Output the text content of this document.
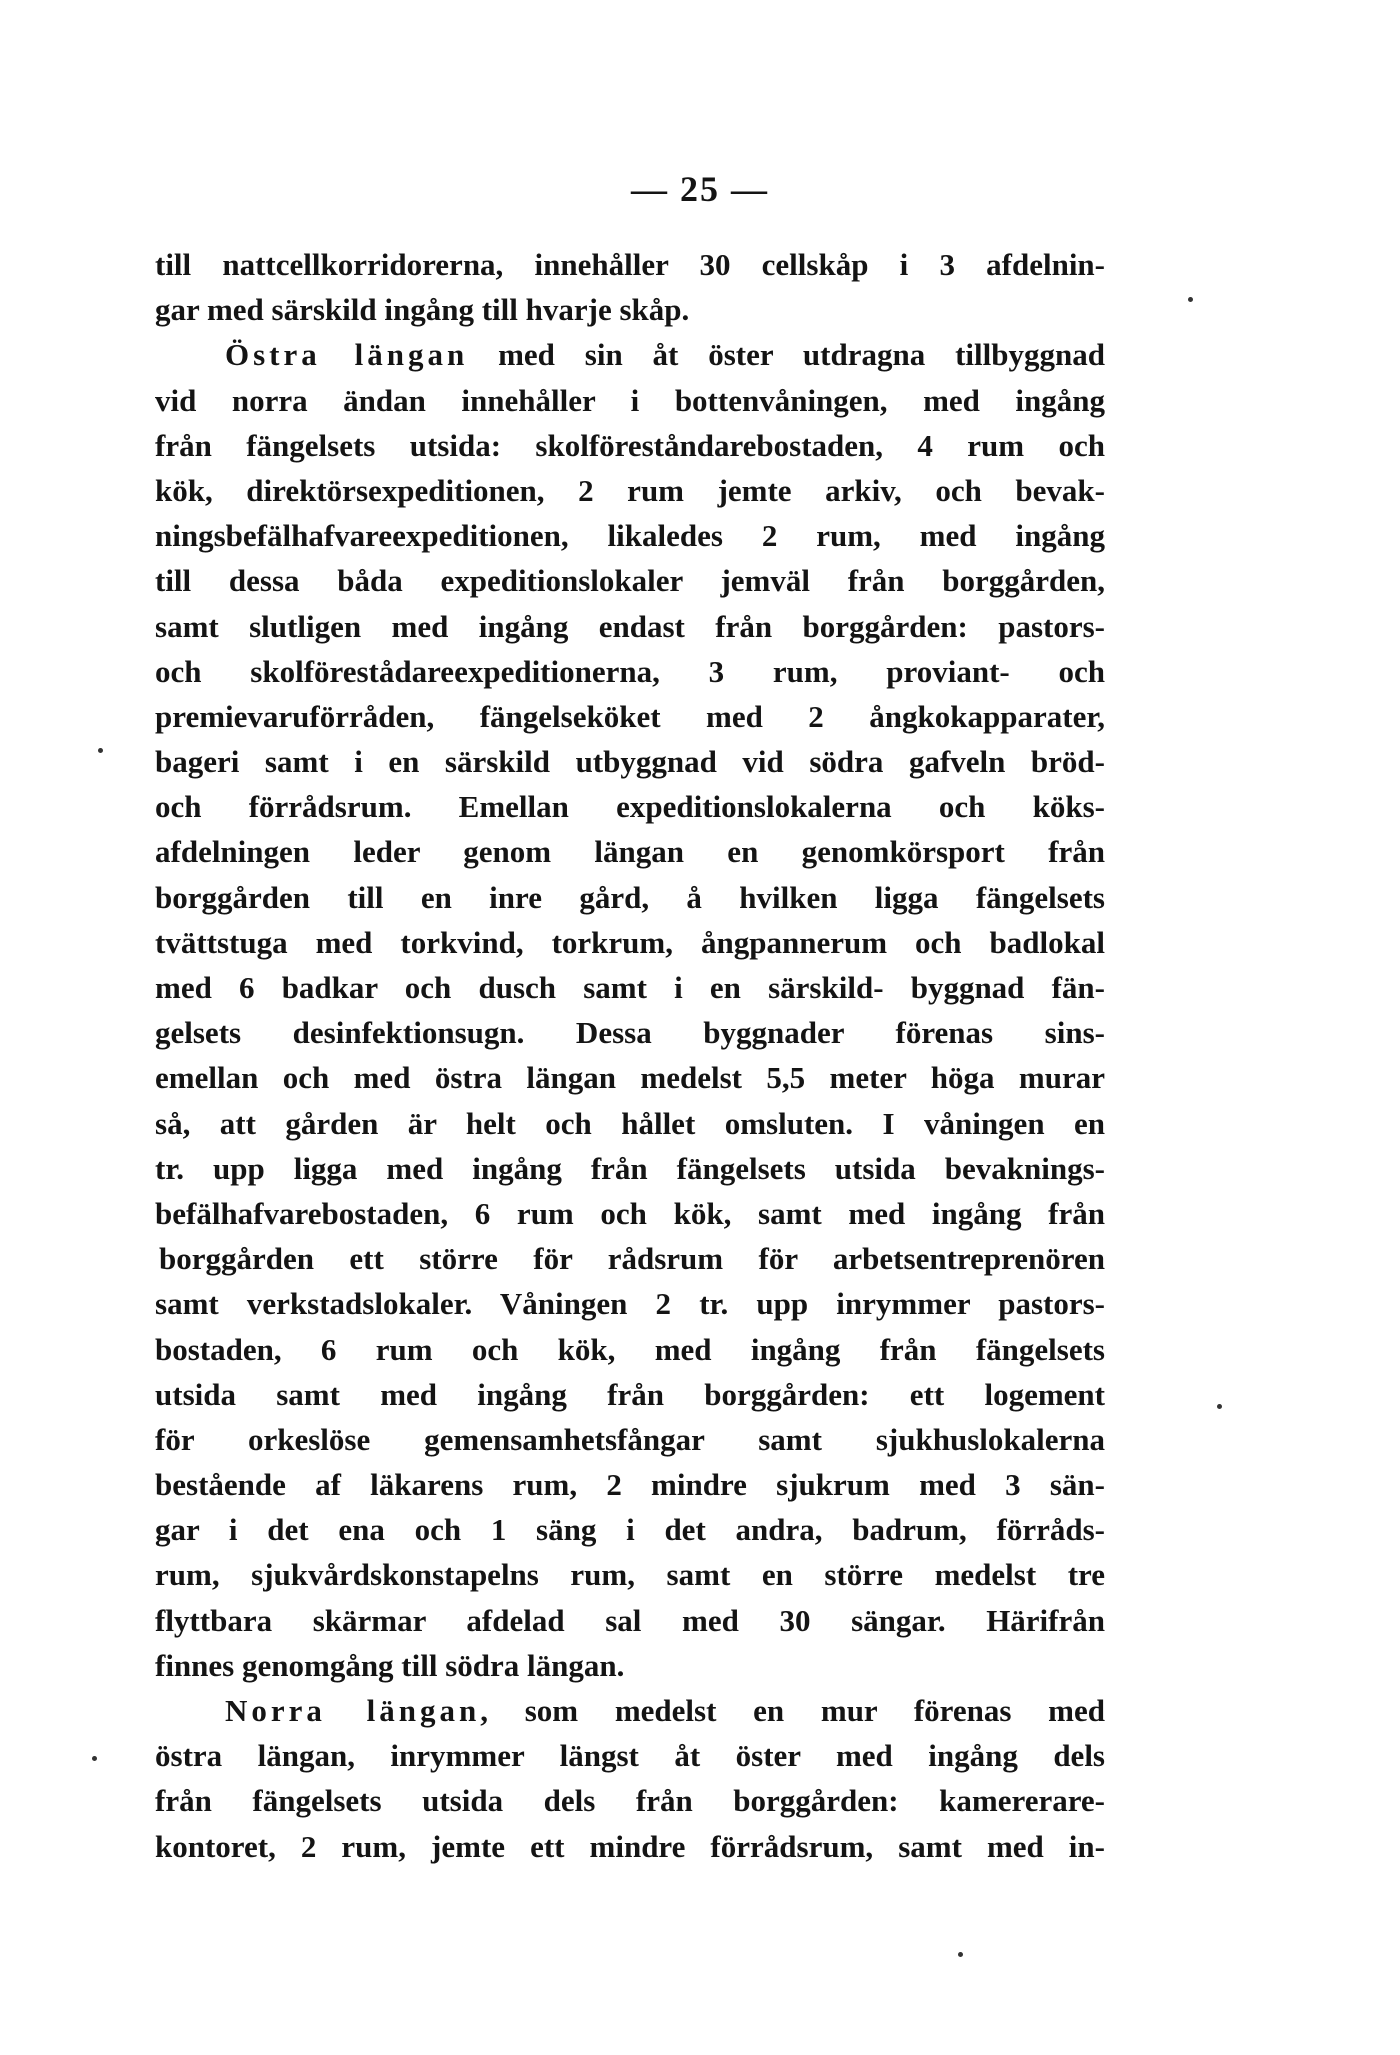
— 25 —
till nattcellkorridorerna, innehåller 30 cellskåp i 3 afdelnin-
gar med särskild ingång till hvarje skåp.
Östra längan med sin åt öster utdragna tillbyggnad
vid norra ändan innehåller i bottenvåningen, med ingång
från fängelsets utsida: skolföreståndarebostaden, 4 rum och
kök, direktörsexpeditionen, 2 rum jemte arkiv, och bevak-
ningsbefälhafvareexpeditionen, likaledes 2 rum, med ingång
till dessa båda expeditionslokaler jemväl från borggården,
samt slutligen med ingång endast från borggården: pastors-
och skolförestådareexpeditionerna, 3 rum, proviant- och
premievaruförråden, fängelseköket med 2 ångkokapparater,
bageri samt i en särskild utbyggnad vid södra gafveln bröd-
och förrådsrum. Emellan expeditionslokalerna och köks-
afdelningen leder genom längan en genomkörsport från
borggården till en inre gård, å hvilken ligga fängelsets
tvättstuga med torkvind, torkrum, ångpannerum och badlokal
med 6 badkar och dusch samt i en särskild- byggnad fän-
gelsets desinfektionsugn. Dessa byggnader förenas sins-
emellan och med östra längan medelst 5,5 meter höga murar
så, att gården är helt och hållet omsluten. I våningen en
tr. upp ligga med ingång från fängelsets utsida bevaknings-
befälhafvarebostaden, 6 rum och kök, samt med ingång från
borggården ett större för rådsrum för arbetsentreprenören
samt verkstadslokaler. Våningen 2 tr. upp inrymmer pastors-
bostaden, 6 rum och kök, med ingång från fängelsets
utsida samt med ingång från borggården: ett logement
för orkeslöse gemensamhetsfångar samt sjukhuslokalerna
bestående af läkarens rum, 2 mindre sjukrum med 3 sän-
gar i det ena och 1 säng i det andra, badrum, förråds-
rum, sjukvårdskonstapelns rum, samt en större medelst tre
flyttbara skärmar afdelad sal med 30 sängar. Härifrån
finnes genomgång till södra längan.
Norra längan, som medelst en mur förenas med
östra längan, inrymmer längst åt öster med ingång dels
från fängelsets utsida dels från borggården: kamererare-
kontoret, 2 rum, jemte ett mindre förrådsrum, samt med in-
